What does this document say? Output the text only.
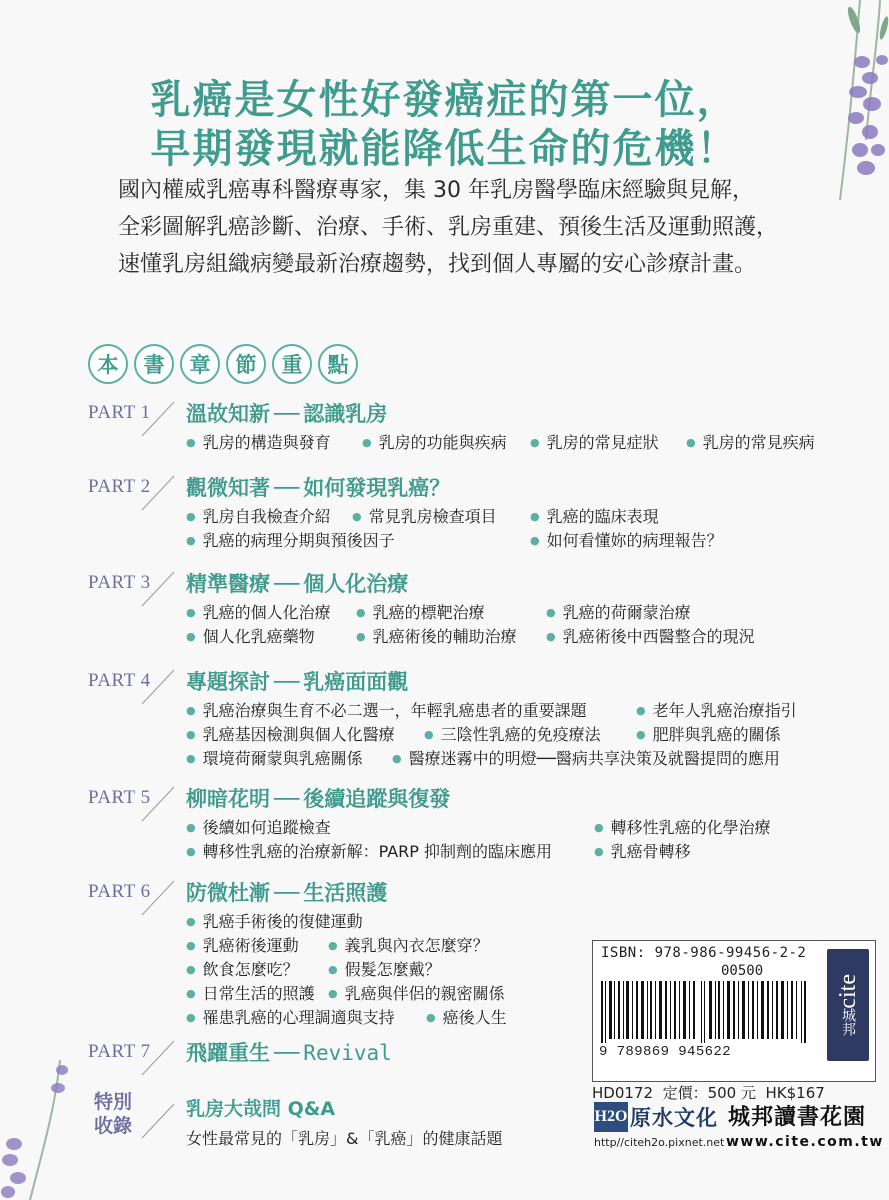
乳癌是女性好發癌症的第一位，
早期發現就能降低生命的危機！
國內權威乳癌專科醫療專家，集 30 年乳房醫學臨床經驗與見解，
全彩圖解乳癌診斷、治療、手術、乳房重建、預後生活及運動照護，
速懂乳房組織病變最新治療趨勢，找到個人專屬的安心診療計畫。
本	書	章	節	重	點
PART 1 溫故知新 ── 認識乳房
● 乳房的構造與發育	● 乳房的功能與疾病	● 乳房的常見症狀	● 乳房的常見疾病
PART 2 觀微知著 ── 如何發現乳癌？
● 乳房自我檢查介紹	● 常見乳房檢查項目	● 乳癌的臨床表現
● 乳癌的病理分期與預後因子	● 如何看懂妳的病理報告？
PART 3 精準醫療 ── 個人化治療
● 乳癌的個人化治療	● 乳癌的標靶治療	● 乳癌的荷爾蒙治療
● 個人化乳癌藥物	● 乳癌術後的輔助治療	● 乳癌術後中西醫整合的現況
PART 4 專題探討 ── 乳癌面面觀
● 乳癌治療與生育不必二選一，年輕乳癌患者的重要課題	● 老年人乳癌治療指引
● 乳癌基因檢測與個人化醫療	● 三陰性乳癌的免疫療法	● 肥胖與乳癌的關係
● 環境荷爾蒙與乳癌關係	● 醫療迷霧中的明燈──醫病共享決策及就醫提問的應用
PART 5 柳暗花明 ── 後續追蹤與復發
● 後續如何追蹤檢查	● 轉移性乳癌的化學治療
● 轉移性乳癌的治療新解：PARP 抑制劑的臨床應用	● 乳癌骨轉移
PART 6 防微杜漸 ── 生活照護
● 乳癌手術後的復健運動
● 乳癌術後運動	● 義乳與內衣怎麼穿？
● 飲食怎麼吃？	● 假髮怎麼戴？
● 日常生活的照護	● 乳癌與伴侶的親密關係
● 罹患乳癌的心理調適與支持	● 癌後人生
PART 7 飛躍重生 ── Revival
特別收錄
乳房大哉問 Q&A
女性最常見的「乳房」&「乳癌」的健康話題
ISBN: 978-986-99456-2-2
00500
9 789869 945622
cite
城邦
HD0172 定價：500 元 HK$167
H2O 原水文化 城邦讀書花園
http//citeh2o.pixnet.net www.cite.com.tw
